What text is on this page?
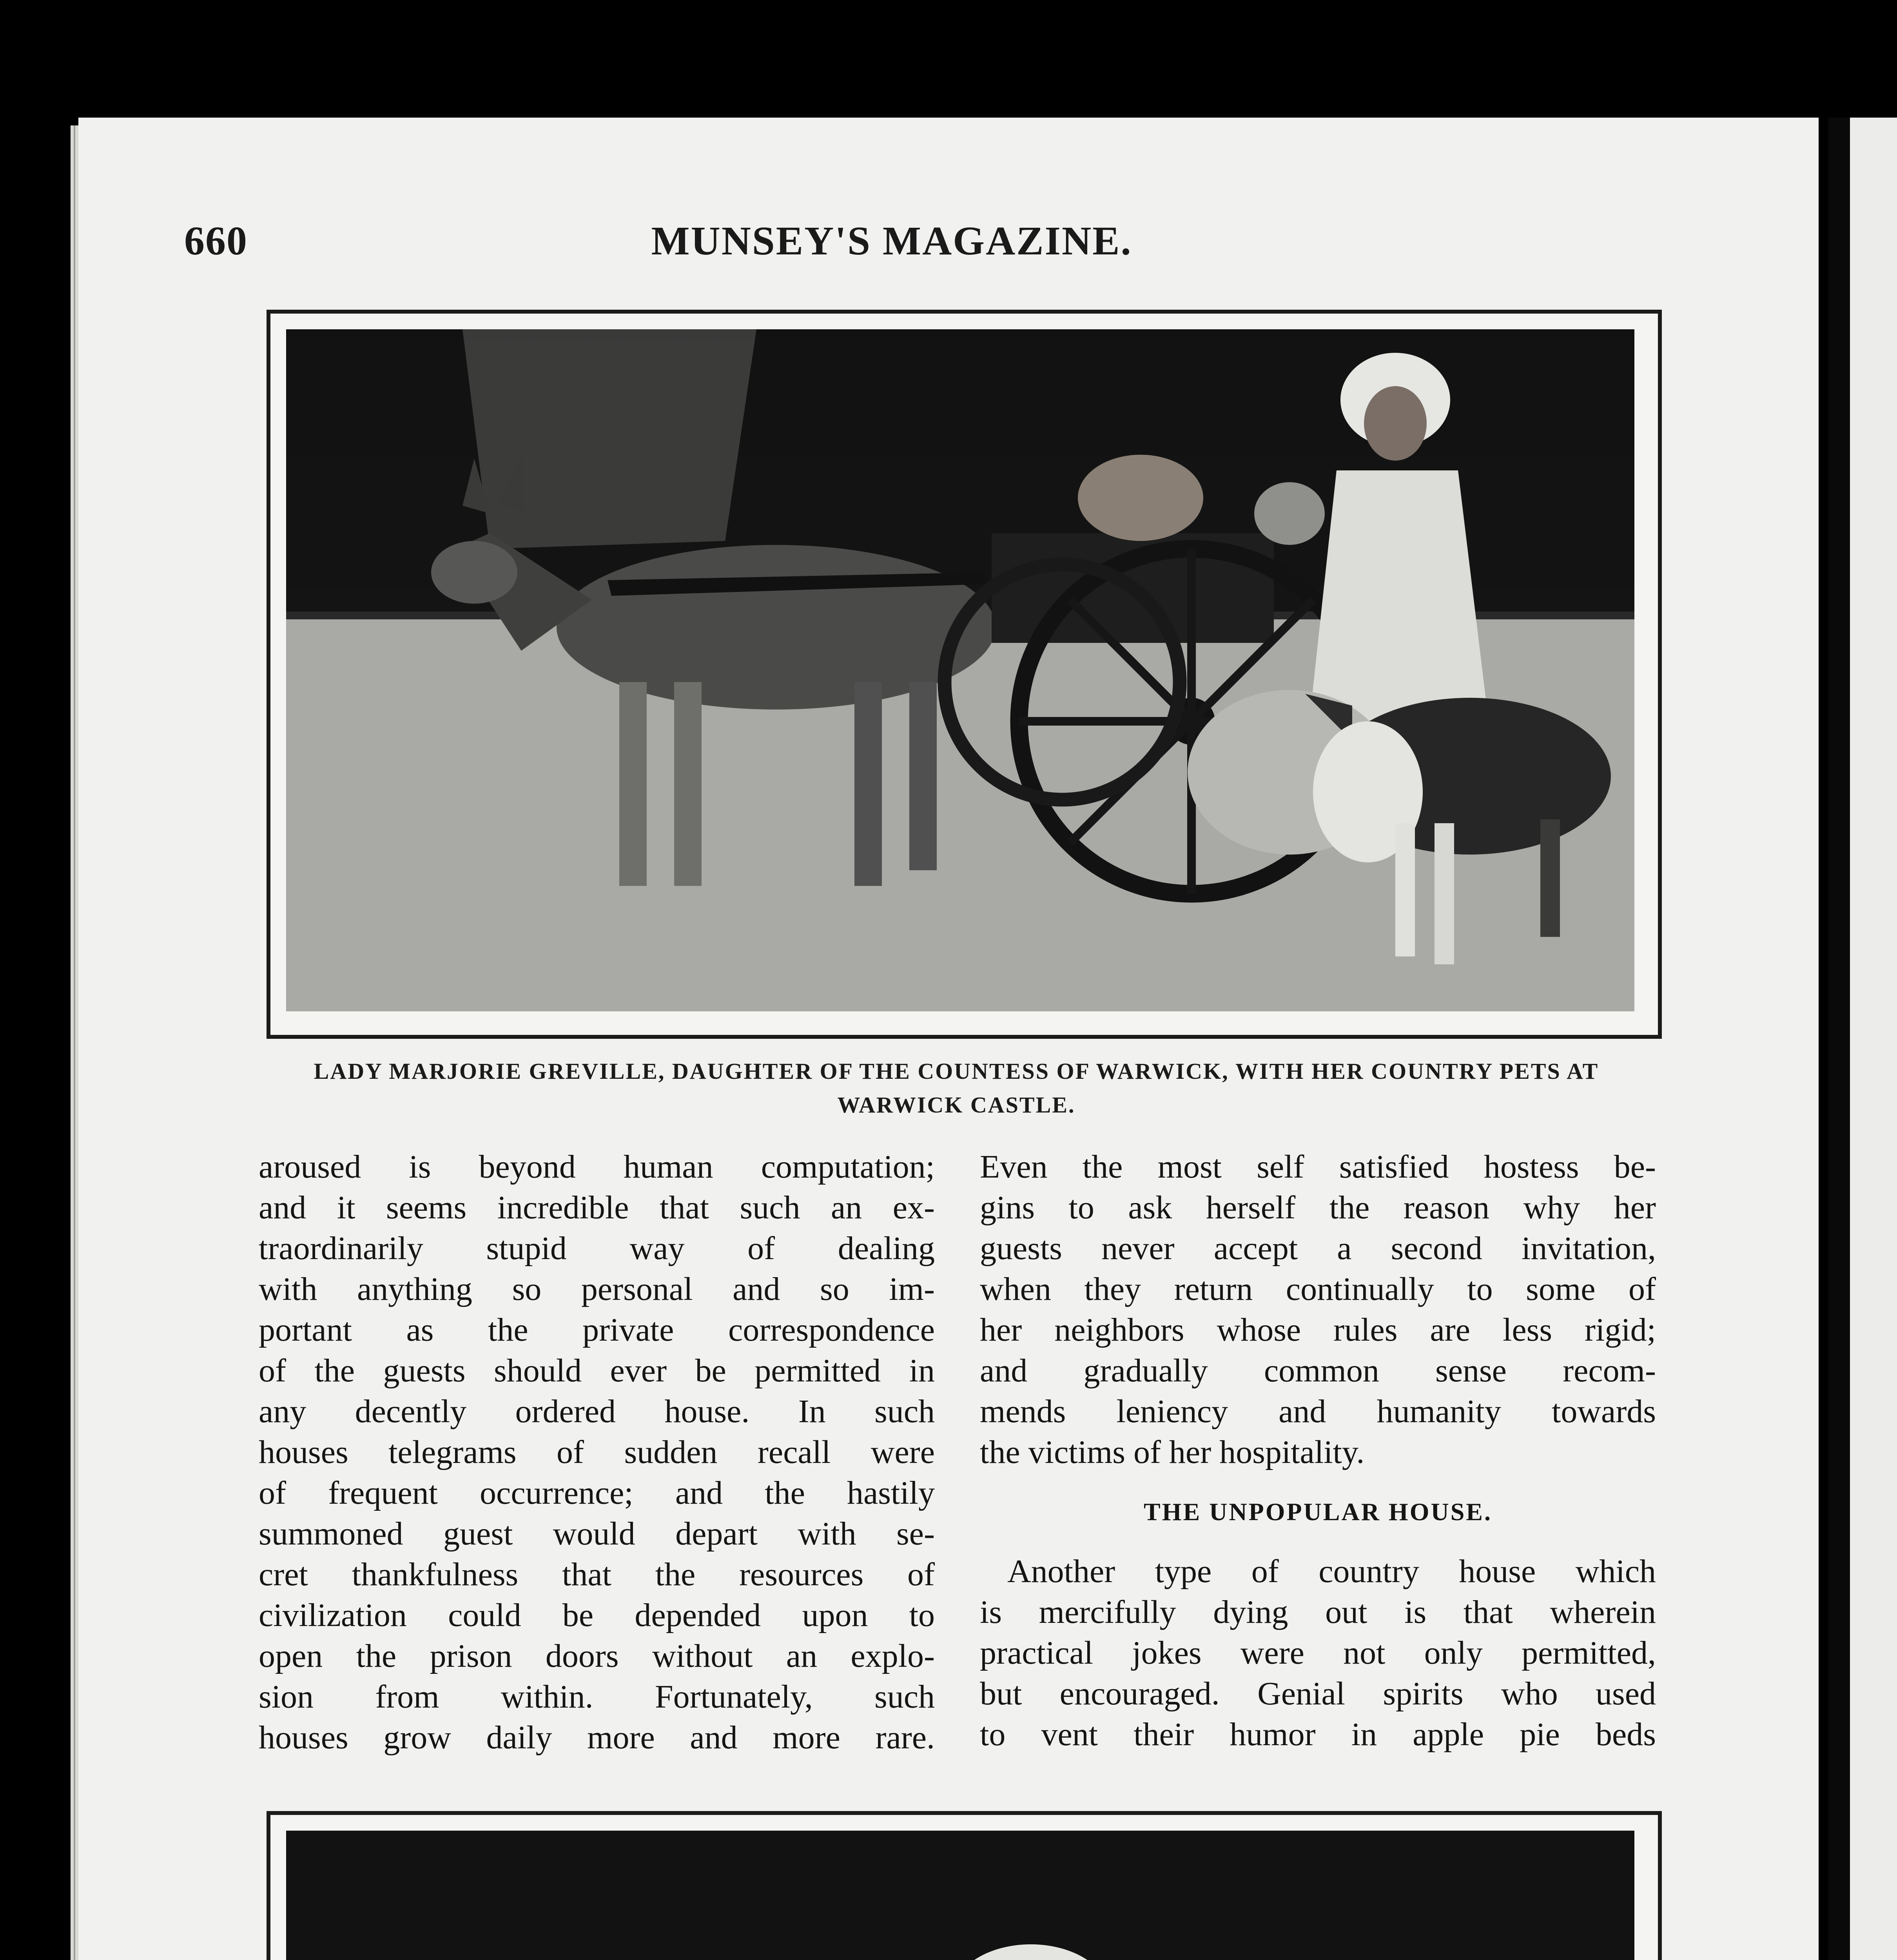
660	MUNSEY'S MAGAZINE.
LADY MARJORIE GREVILLE, DAUGHTER OF THE COUNTESS OF WARWICK, WITH HER COUNTRY PETS AT
WARWICK CASTLE.
aroused is beyond human computation;
and it seems incredible that such an ex-
traordinarily stupid way of dealing
with anything so personal and so im-
portant as the private correspondence
of the guests should ever be permitted in
any decently ordered house. In such
houses telegrams of sudden recall were
of frequent occurrence; and the hastily
summoned guest would depart with se-
cret thankfulness that the resources of
civilization could be depended upon to
open the prison doors without an explo-
sion from within. Fortunately, such
houses grow daily more and more rare.
Even the most self satisfied hostess be-
gins to ask herself the reason why her
guests never accept a second invitation,
when they return continually to some of
her neighbors whose rules are less rigid;
and gradually common sense recom-
mends leniency and humanity towards
the victims of her hospitality.
THE UNPOPULAR HOUSE.
Another type of country house which
is mercifully dying out is that wherein
practical jokes were not only permitted,
but encouraged. Genial spirits who used
to vent their humor in apple pie beds
